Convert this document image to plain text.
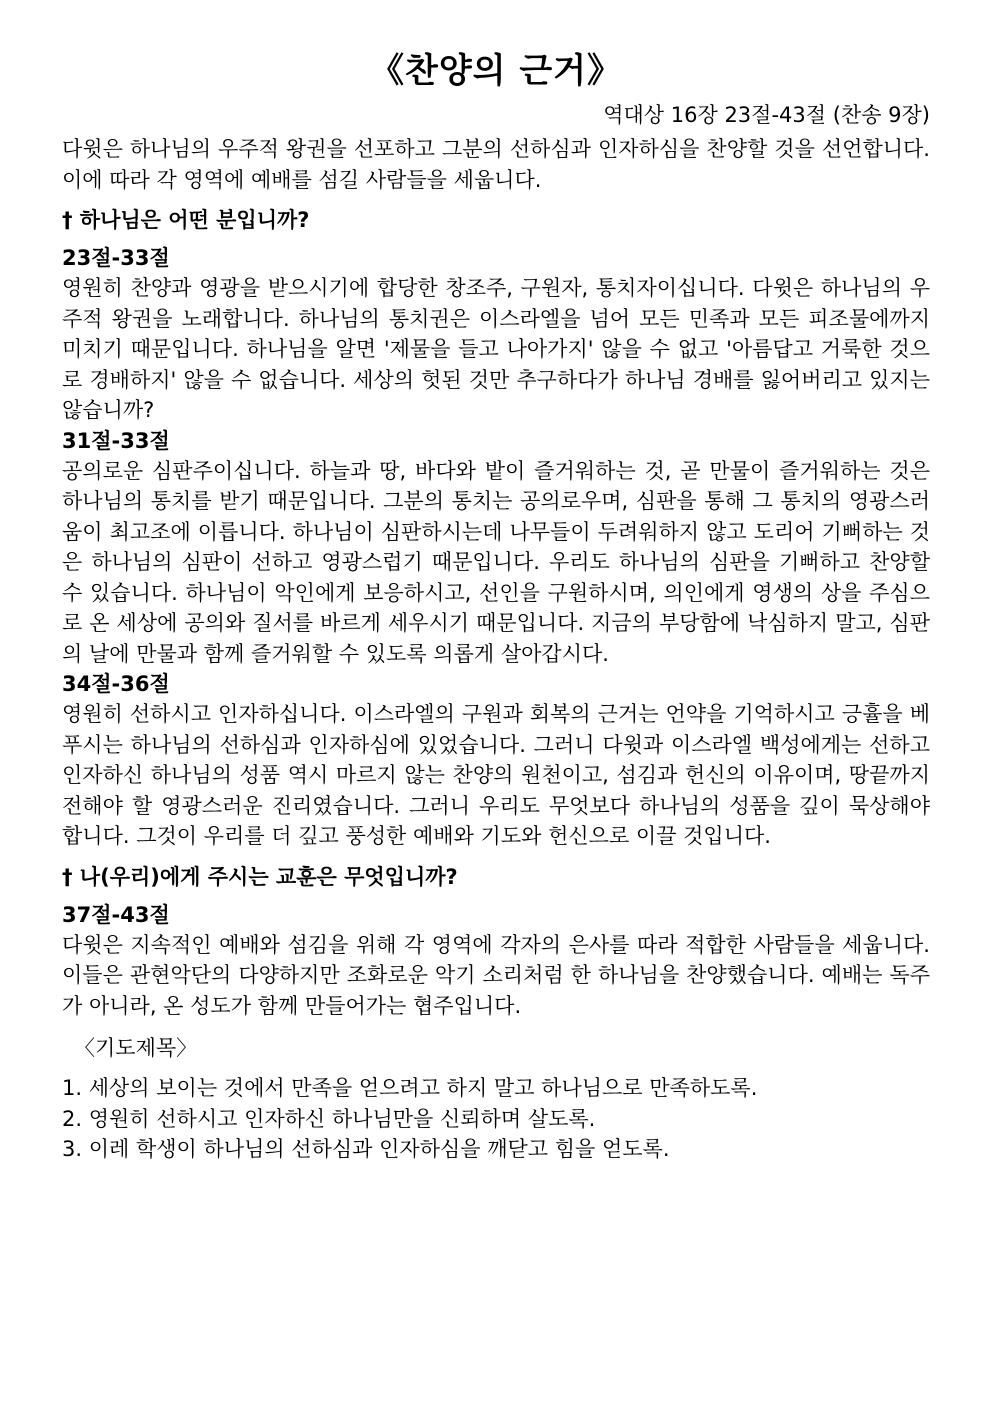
《찬양의 근거》
역대상 16장 23절-43절 (찬송 9장)

다윗은 하나님의 우주적 왕권을 선포하고 그분의 선하심과 인자하심을 찬양할 것을 선언합니다. 이에 따라 각 영역에 예배를 섬길 사람들을 세웁니다.

† 하나님은 어떤 분입니까?
23절-33절

영원히 찬양과 영광을 받으시기에 합당한 창조주, 구원자, 통치자이십니다. 다윗은 하나님의 우주적 왕권을 노래합니다. 하나님의 통치권은 이스라엘을 넘어 모든 민족과 모든 피조물에까지 미치기 때문입니다. 하나님을 알면 '제물을 들고 나아가지' 않을 수 없고 '아름답고 거룩한 것으로 경배하지' 않을 수 없습니다. 세상의 헛된 것만 추구하다가 하나님 경배를 잃어버리고 있지는 않습니까?

31절-33절

공의로운 심판주이십니다. 하늘과 땅, 바다와 밭이 즐거워하는 것, 곧 만물이 즐거워하는 것은 하나님의 통치를 받기 때문입니다. 그분의 통치는 공의로우며, 심판을 통해 그 통치의 영광스러움이 최고조에 이릅니다. 하나님이 심판하시는데 나무들이 두려워하지 않고 도리어 기뻐하는 것은 하나님의 심판이 선하고 영광스럽기 때문입니다. 우리도 하나님의 심판을 기뻐하고 찬양할 수 있습니다. 하나님이 악인에게 보응하시고, 선인을 구원하시며, 의인에게 영생의 상을 주심으로 온 세상에 공의와 질서를 바르게 세우시기 때문입니다. 지금의 부당함에 낙심하지 말고, 심판의 날에 만물과 함께 즐거워할 수 있도록 의롭게 살아갑시다.

34절-36절

영원히 선하시고 인자하십니다. 이스라엘의 구원과 회복의 근거는 언약을 기억하시고 긍휼을 베푸시는 하나님의 선하심과 인자하심에 있었습니다. 그러니 다윗과 이스라엘 백성에게는 선하고 인자하신 하나님의 성품 역시 마르지 않는 찬양의 원천이고, 섬김과 헌신의 이유이며, 땅끝까지 전해야 할 영광스러운 진리였습니다. 그러니 우리도 무엇보다 하나님의 성품을 깊이 묵상해야 합니다. 그것이 우리를 더 깊고 풍성한 예배와 기도와 헌신으로 이끌 것입니다.

† 나(우리)에게 주시는 교훈은 무엇입니까?
37절-43절

다윗은 지속적인 예배와 섬김을 위해 각 영역에 각자의 은사를 따라 적합한 사람들을 세웁니다. 이들은 관현악단의 다양하지만 조화로운 악기 소리처럼 한 하나님을 찬양했습니다. 예배는 독주가 아니라, 온 성도가 함께 만들어가는 협주입니다.

〈기도제목〉
1. 세상의 보이는 것에서 만족을 얻으려고 하지 말고 하나님으로 만족하도록.
2. 영원히 선하시고 인자하신 하나님만을 신뢰하며 살도록.
3. 이레 학생이 하나님의 선하심과 인자하심을 깨닫고 힘을 얻도록.
